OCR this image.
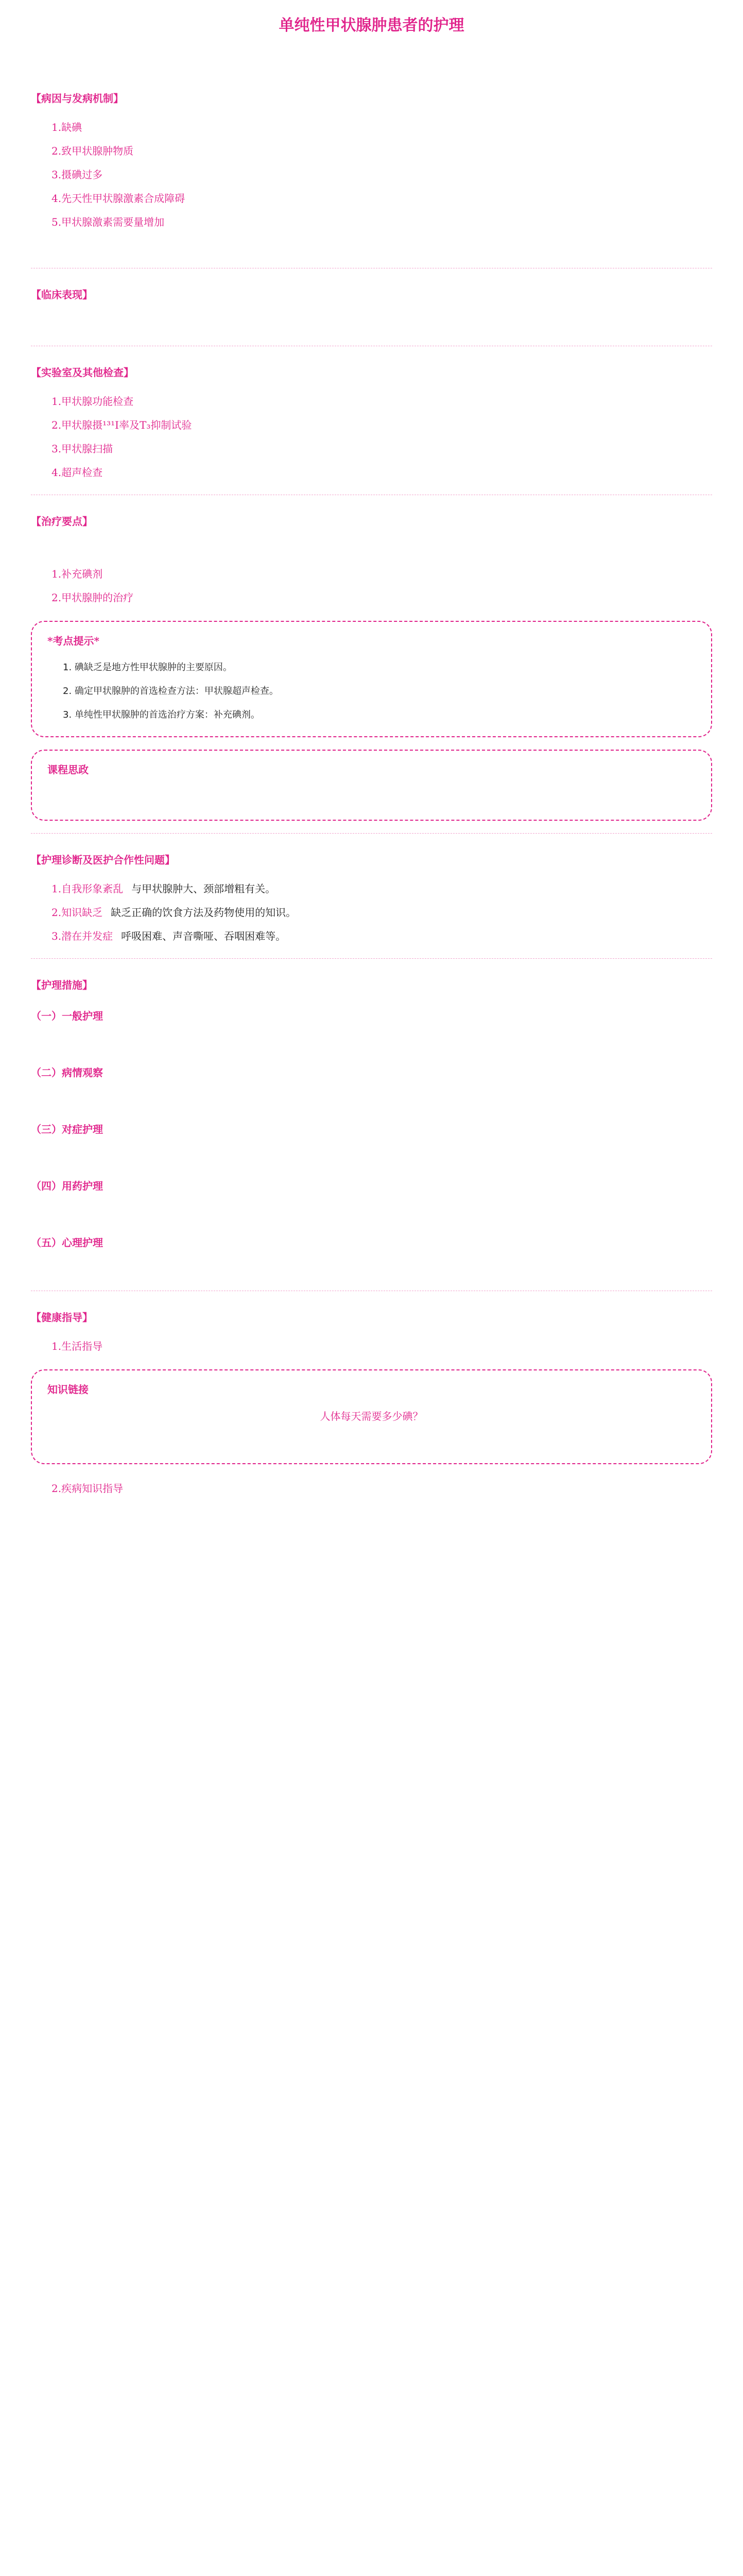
单纯性甲状腺肿患者的护理

【病因与发病机制】

1.缺碘

2.致甲状腺肿物质

3.摄碘过多

4.先天性甲状腺激素合成障碍

5.甲状腺激素需要量增加

【临床表现】

【实验室及其他检查】

1.甲状腺功能检查

2.甲状腺摄¹³¹I率及T₃抑制试验

3.甲状腺扫描

4.超声检查

【治疗要点】

1.补充碘剂

2.甲状腺肿的治疗

*考点提示*
1. 碘缺乏是地方性甲状腺肿的主要原因。
2. 确定甲状腺肿的首选检查方法：甲状腺超声检查。
3. 单纯性甲状腺肿的首选治疗方案：补充碘剂。
课程思政
【护理诊断及医护合作性问题】

1.自我形象紊乱 与甲状腺肿大、颈部增粗有关。

2.知识缺乏 缺乏正确的饮食方法及药物使用的知识。

3.潜在并发症 呼吸困难、声音嘶哑、吞咽困难等。

【护理措施】
（一）一般护理

（二）病情观察

（三）对症护理

（四）用药护理

（五）心理护理

【健康指导】

1.生活指导

知识链接
人体每天需要多少碘？

2.疾病知识指导
